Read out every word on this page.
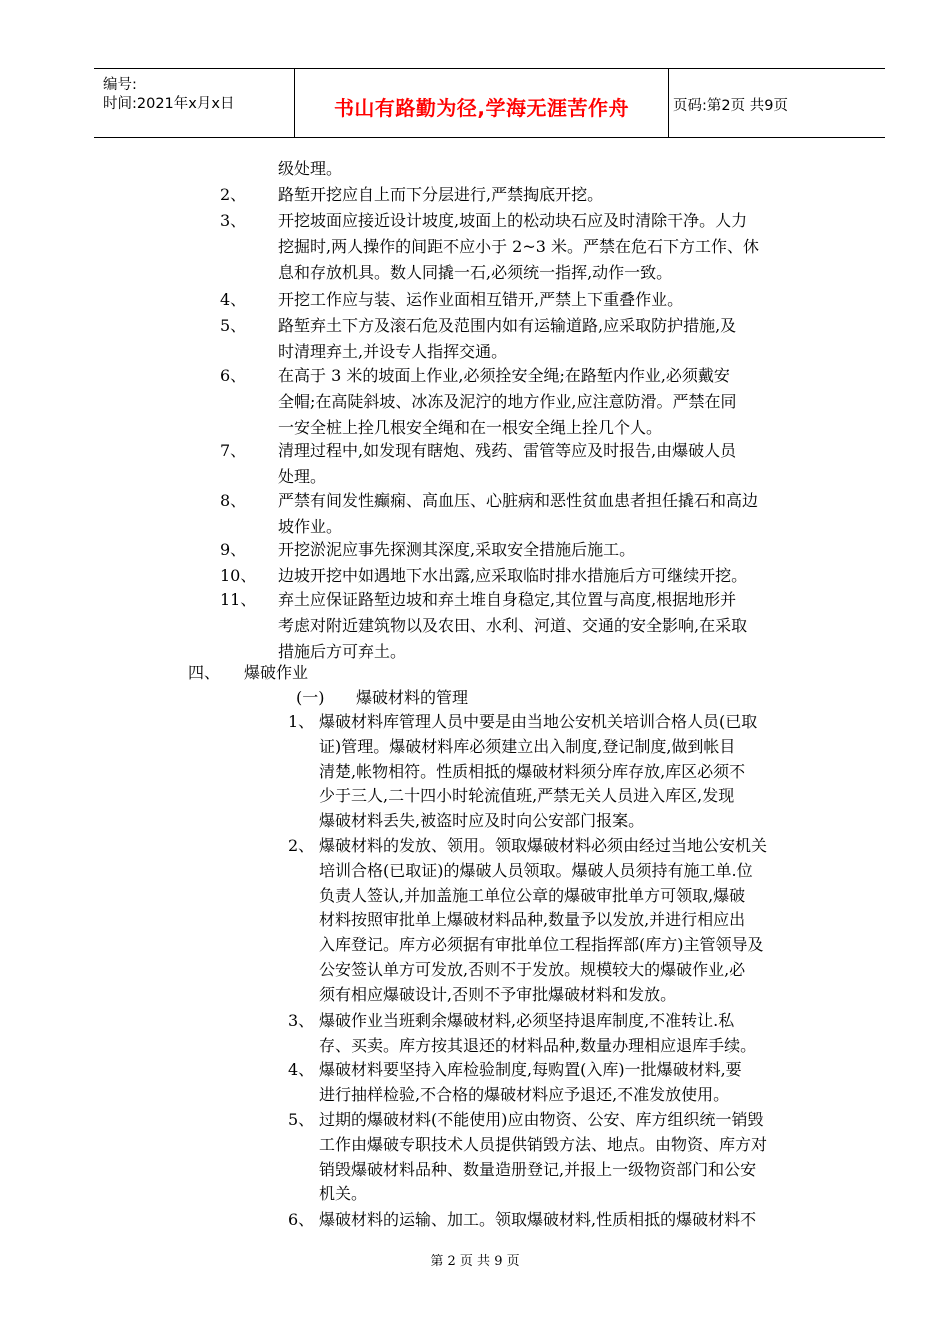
编号:
时间:2021年x月x日	书山有路勤为径,学海无涯苦作舟	页码:第2页 共9页
级处理。
2、 路堑开挖应自上而下分层进行,严禁掏底开挖。
3、 开挖坡面应接近设计坡度,坡面上的松动块石应及时清除干净。人力
挖掘时,两人操作的间距不应小于 2~3 米。严禁在危石下方工作、休
息和存放机具。数人同撬一石,必须统一指挥,动作一致。
4、 开挖工作应与装、运作业面相互错开,严禁上下重叠作业。
5、 路堑弃土下方及滚石危及范围内如有运输道路,应采取防护措施,及
时清理弃土,并设专人指挥交通。
6、 在高于 3 米的坡面上作业,必须拴安全绳;在路堑内作业,必须戴安
全帽;在高陡斜坡、冰冻及泥泞的地方作业,应注意防滑。严禁在同
一安全桩上拴几根安全绳和在一根安全绳上拴几个人。
7、 清理过程中,如发现有瞎炮、残药、雷管等应及时报告,由爆破人员
处理。
8、 严禁有间发性癫痫、高血压、心脏病和恶性贫血患者担任撬石和高边
坡作业。
9、 开挖淤泥应事先探测其深度,采取安全措施后施工。
10、 边坡开挖中如遇地下水出露,应采取临时排水措施后方可继续开挖。
11、 弃土应保证路堑边坡和弃土堆自身稳定,其位置与高度,根据地形并
考虑对附近建筑物以及农田、水利、河道、交通的安全影响,在采取
措施后方可弃土。
四、 爆破作业
(一) 爆破材料的管理
1、 爆破材料库管理人员中要是由当地公安机关培训合格人员(已取
证)管理。爆破材料库必须建立出入制度,登记制度,做到帐目
清楚,帐物相符。性质相抵的爆破材料须分库存放,库区必须不
少于三人,二十四小时轮流值班,严禁无关人员进入库区,发现
爆破材料丢失,被盗时应及时向公安部门报案。
2、 爆破材料的发放、领用。领取爆破材料必须由经过当地公安机关
培训合格(已取证)的爆破人员领取。爆破人员须持有施工单.位
负责人签认,并加盖施工单位公章的爆破审批单方可领取,爆破
材料按照审批单上爆破材料品种,数量予以发放,并进行相应出
入库登记。库方必须据有审批单位工程指挥部(库方)主管领导及
公安签认单方可发放,否则不于发放。规模较大的爆破作业,必
须有相应爆破设计,否则不予审批爆破材料和发放。
3、 爆破作业当班剩余爆破材料,必须坚持退库制度,不准转让.私
存、买卖。库方按其退还的材料品种,数量办理相应退库手续。
4、 爆破材料要坚持入库检验制度,每购置(入库)一批爆破材料,要
进行抽样检验,不合格的爆破材料应予退还,不准发放使用。
5、 过期的爆破材料(不能使用)应由物资、公安、库方组织统一销毁
工作由爆破专职技术人员提供销毁方法、地点。由物资、库方对
销毁爆破材料品种、数量造册登记,并报上一级物资部门和公安
机关。
6、 爆破材料的运输、加工。领取爆破材料,性质相抵的爆破材料不
第 2 页 共 9 页
